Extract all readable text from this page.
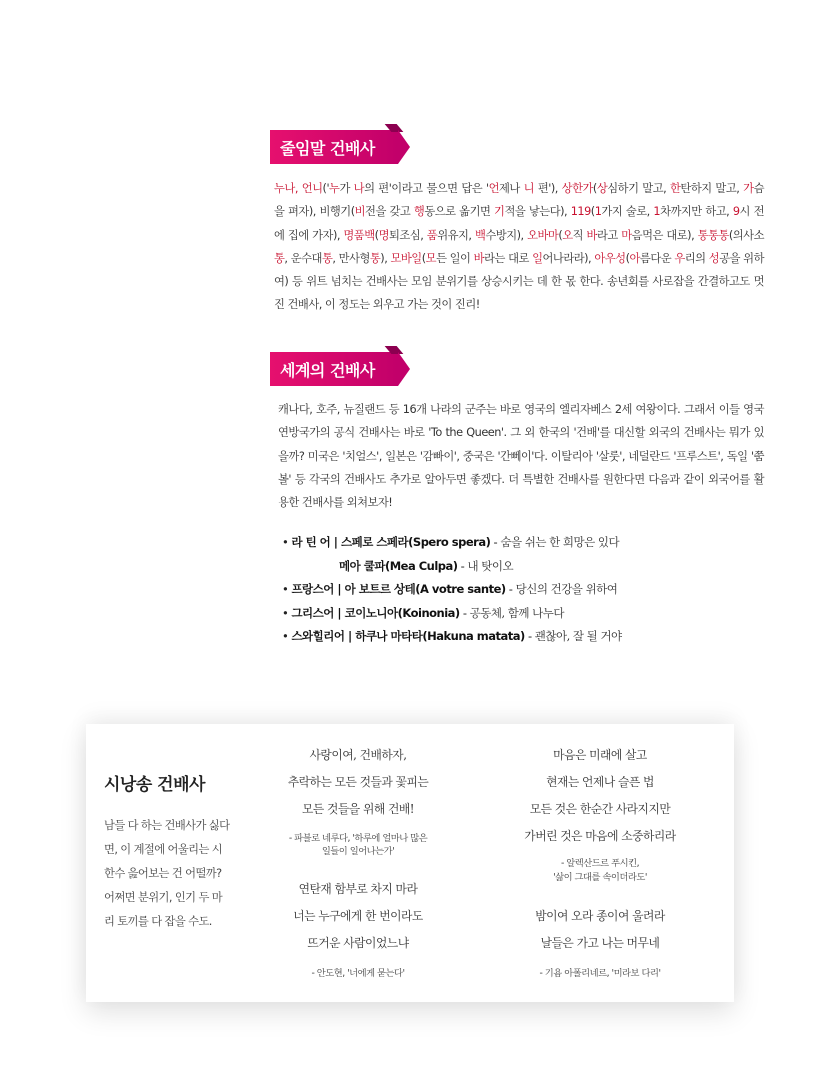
줄임말 건배사
누나, 언니('누가 나의 편'이라고 물으면 답은 '언제나 니 편'), 상한가(상심하기 말고, 한탄하지 말고, 가슴을 펴자), 비행기(비전을 갖고 행동으로 옮기면 기적을 낳는다), 119(1가지 술로, 1차까지만 하고, 9시 전에 집에 가자), 명품백(명퇴조심, 품위유지, 백수방지), 오바마(오직 바라고 마음먹은 대로), 통통통(의사소통, 운수대통, 만사형통), 모바일(모든 일이 바라는 대로 일어나라라), 아우성(아름다운 우리의 성공을 위하여) 등 위트 넘치는 건배사는 모임 분위기를 상승시키는 데 한 몫 한다. 송년회를 사로잡을 간결하고도 멋진 건배사, 이 정도는 외우고 가는 것이 진리!
세계의 건배사
캐나다, 호주, 뉴질랜드 등 16개 나라의 군주는 바로 영국의 엘리자베스 2세 여왕이다. 그래서 이들 영국연방국가의 공식 건배사는 바로 'To the Queen'. 그 외 한국의 '건배'를 대신할 외국의 건배사는 뭐가 있을까? 미국은 '치얼스', 일본은 '감빠이', 중국은 '간뻬이'다. 이탈리아 '살룻', 네덜란드 '프루스트', 독일 '쭘볼' 등 각국의 건배사도 추가로 알아두면 좋겠다. 더 특별한 건배사를 원한다면 다음과 같이 외국어를 활용한 건배사를 외쳐보자!
• 라 틴 어 | 스페로 스페라(Spero spera) - 숨을 쉬는 한 희망은 있다
메아 쿨파(Mea Culpa) - 내 탓이오
• 프랑스어 | 아 보트르 상테(A votre sante) - 당신의 건강을 위하여
• 그리스어 | 코이노니아(Koinonia) - 공동체, 함께 나누다
• 스와힐리어 | 하쿠나 마타타(Hakuna matata) - 괜찮아, 잘 될 거야
시낭송 건배사
남들 다 하는 건배사가 싫다면, 이 계절에 어울리는 시 한수 읊어보는 건 어떨까? 어쩌면 분위기, 인기 두 마리 토끼를 다 잡을 수도.
사랑이여, 건배하자,
추락하는 모든 것들과 꽃피는
모든 것들을 위해 건배!
- 파블로 네루다, '하루에 얼마나 많은
일들이 일어나는가'
연탄재 함부로 차지 마라
너는 누구에게 한 번이라도
뜨거운 사람이었느냐
- 안도현, '너에게 묻는다'
마음은 미래에 살고
현재는 언제나 슬픈 법
모든 것은 한순간 사라지지만
가버린 것은 마음에 소중하리라
- 알렉산드르 푸시킨,
'삶이 그대를 속이더라도'
밤이여 오라 종이여 울려라
날들은 가고 나는 머무네
- 기욤 아폴리네르, '미라보 다리'
